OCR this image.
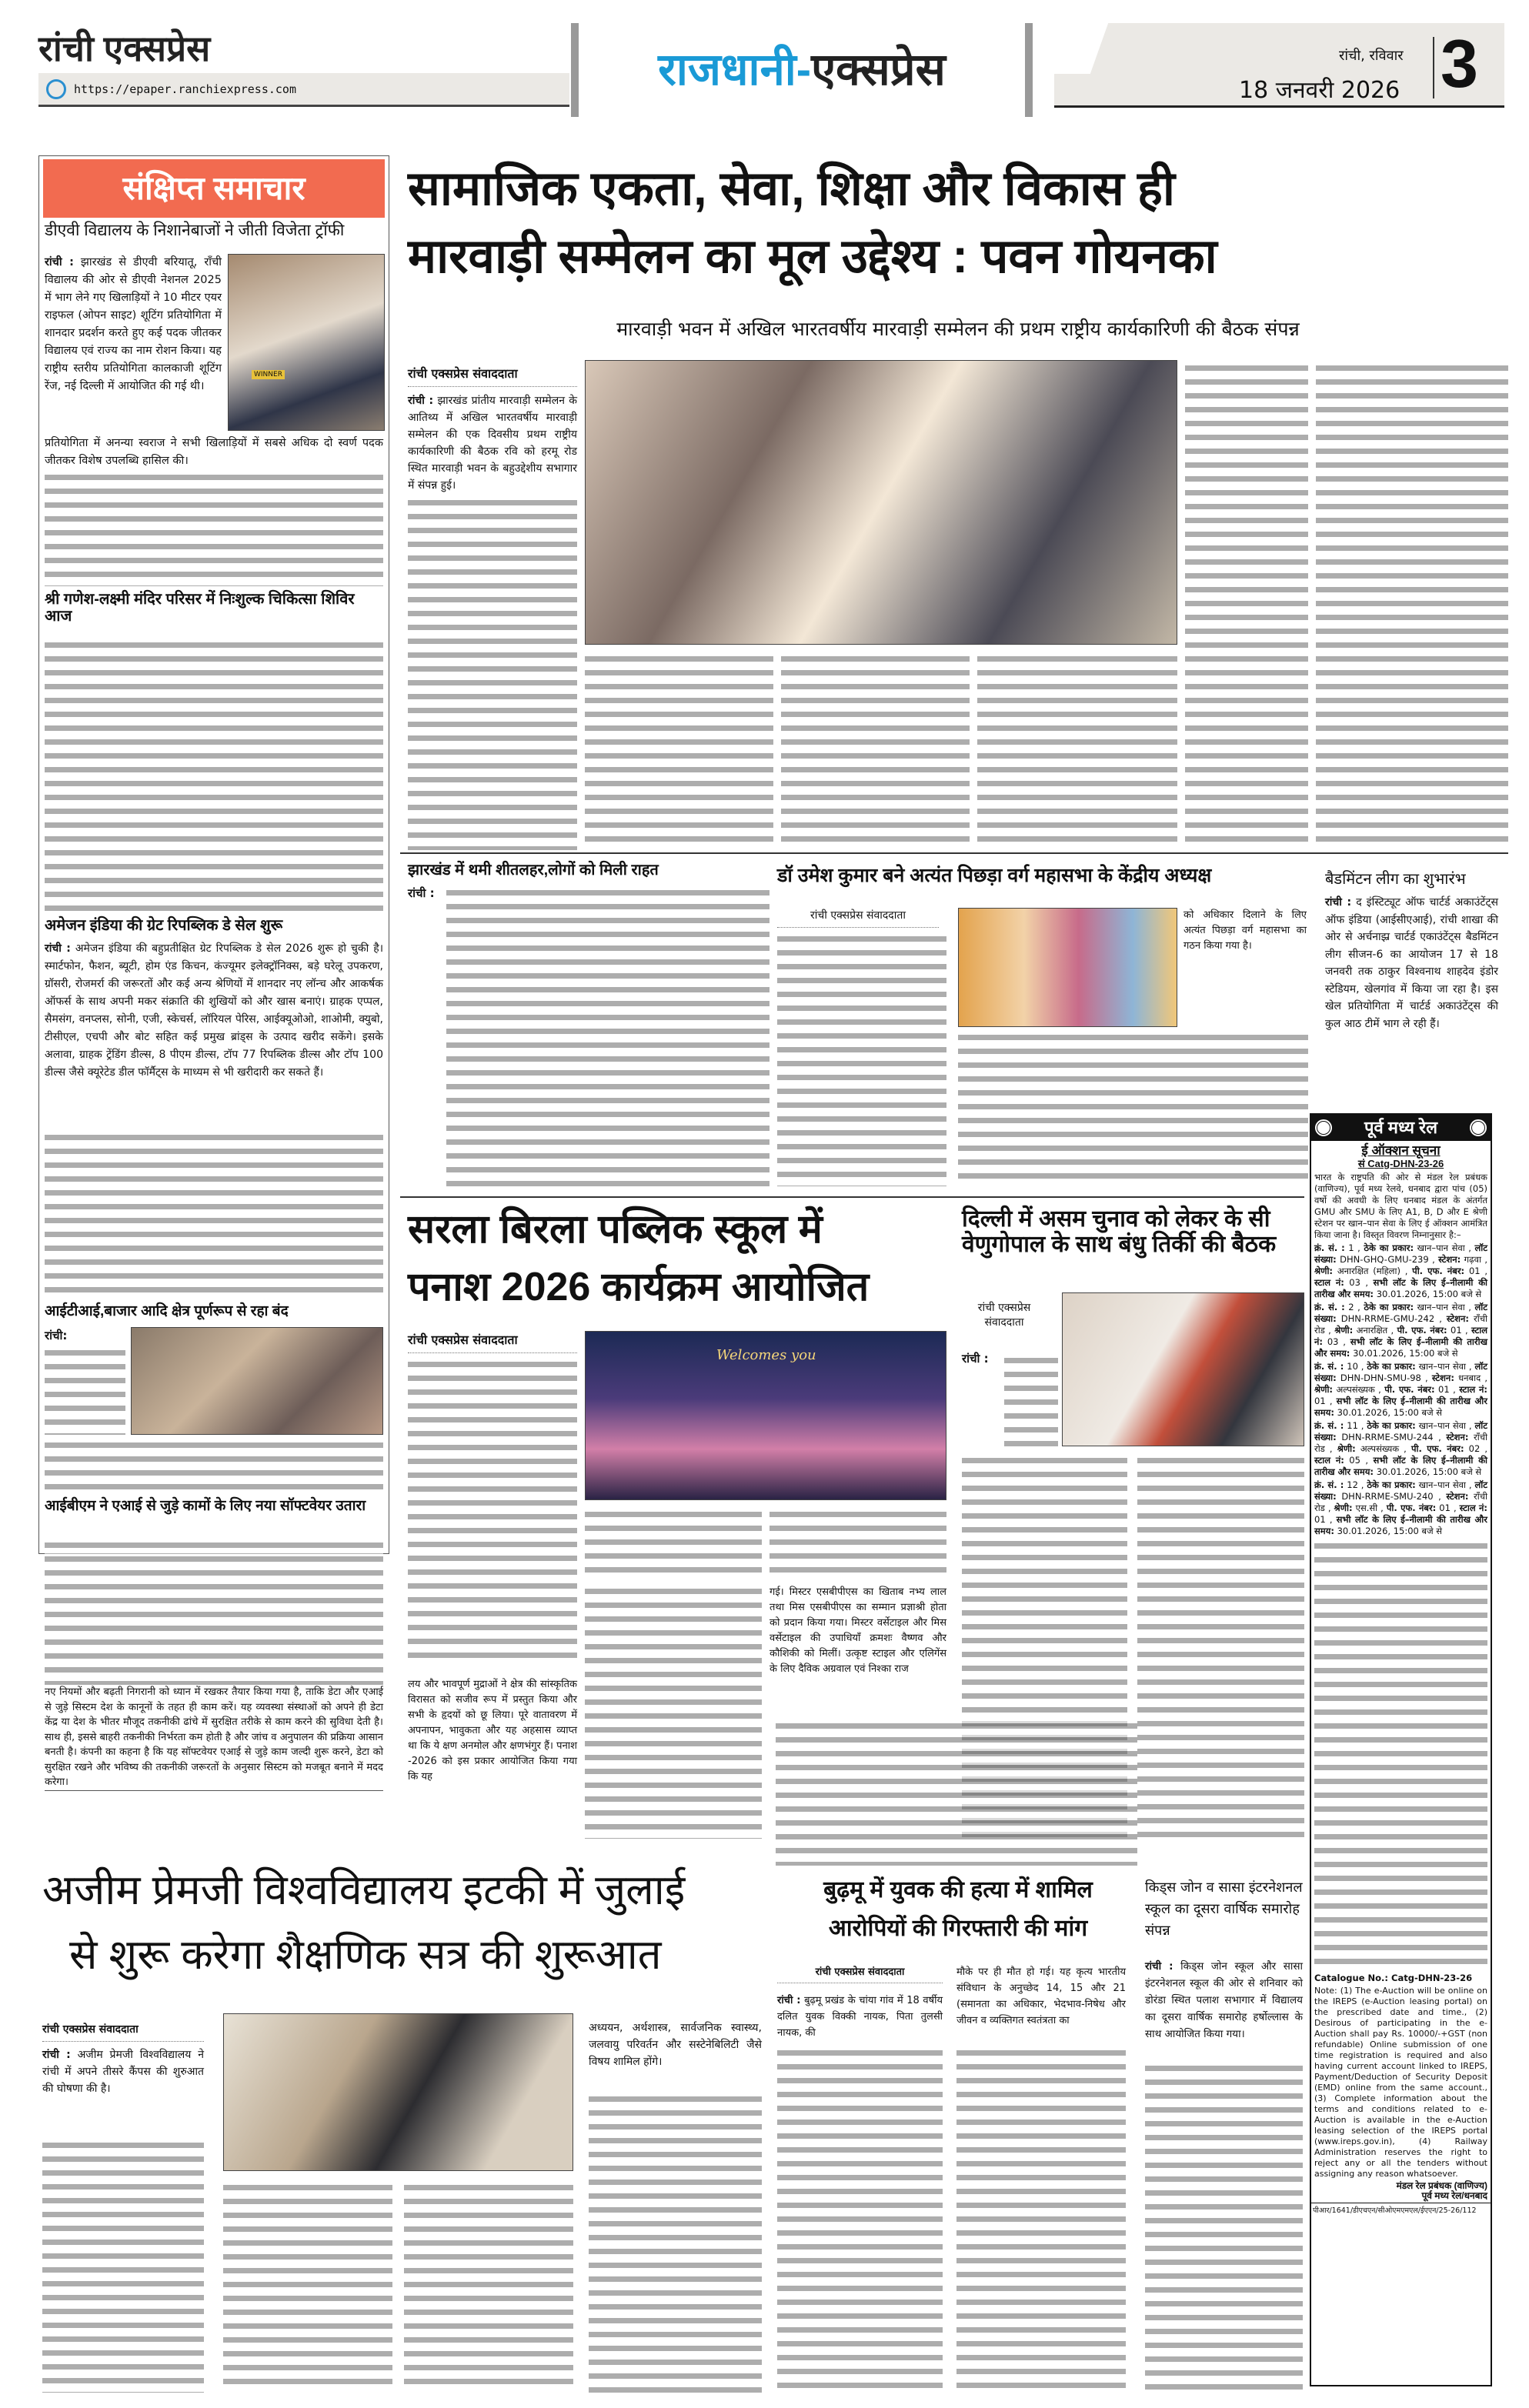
रांची एक्सप्रेस
https://epaper.ranchiexpress.com	राजधानी- एक्सप्रेस	रांची, रविवार
18 जनवरी 2026 3
संक्षिप्त समाचार
डीएवी विद्यालय के निशानेबाजों ने जीती विजेता ट्रॉफी
रांची : झारखंड से डीएवी बरियातू, राँची विद्यालय की ओर से डीएवी नेशनल 2025 में भाग लेने गए खिलाड़ियों ने 10 मीटर एयर राइफल (ओपन साइट) शूटिंग प्रतियोगिता में शानदार प्रदर्शन करते हुए कई पदक जीतकर विद्यालय एवं राज्य का नाम रोशन किया। यह राष्ट्रीय स्तरीय प्रतियोगिता कालकाजी शूटिंग रेंज, नई दिल्ली में आयोजित की गई थी।
WINNER
प्रतियोगिता में अनन्या स्वराज ने सभी खिलाड़ियों में सबसे अधिक दो स्वर्ण पदक जीतकर विशेष उपलब्धि हासिल की।
श्री गणेश-लक्ष्मी मंदिर परिसर में निःशुल्क चिकित्सा शिविर आज
अमेजन इंडिया की ग्रेट रिपब्लिक डे सेल शुरू
रांची : अमेजन इंडिया की बहुप्रतीक्षित ग्रेट रिपब्लिक डे सेल 2026 शुरू हो चुकी है। स्मार्टफोन, फैशन, ब्यूटी, होम एंड किचन, कंज्यूमर इलेक्ट्रॉनिक्स, बड़े घरेलू उपकरण, ग्रॉसरी, रोजमर्रा की जरूरतों और कई अन्य श्रेणियों में शानदार नए लॉन्च और आकर्षक ऑफर्स के साथ अपनी मकर संक्राति की शुखियों को और खास बनाएं। ग्राहक एप्पल, सैमसंग, वनप्लस, सोनी, एजी, स्केचर्स, लॉरियल पेरिस, आईक्यूओओ, शाओमी, क्युबो, टीसीएल, एचपी और बोट सहित कई प्रमुख ब्रांड्स के उत्पाद खरीद सकेंगे। इसके अलावा, ग्राहक ट्रेंडिंग डील्स, 8 पीएम डील्स, टॉप 77 रिपब्लिक डील्स और टॉप 100 डील्स जैसे क्यूरेटेड डील फॉर्मैट्स के माध्यम से भी खरीदारी कर सकते हैं।
आईटीआई,बाजार आदि क्षेत्र पूर्णरूप से रहा बंद
रांची:
आईबीएम ने एआई से जुड़े कामों के लिए नया सॉफ्टवेयर उतारा
नए नियमों और बढ़ती निगरानी को ध्यान में रखकर तैयार किया गया है, ताकि डेटा और एआई से जुड़े सिस्टम देश के कानूनों के तहत ही काम करें। यह व्यवस्था संस्थाओं को अपने ही डेटा केंद्र या देश के भीतर मौजूद तकनीकी ढांचे में सुरक्षित तरीके से काम करने की सुविधा देती है। साथ ही, इससे बाहरी तकनीकी निर्भरता कम होती है और जांच व अनुपालन की प्रक्रिया आसान बनती है। कंपनी का कहना है कि यह सॉफ्टवेयर एआई से जुड़े काम जल्दी शुरू करने, डेटा को सुरक्षित रखने और भविष्य की तकनीकी जरूरतों के अनुसार सिस्टम को मजबूत बनाने में मदद करेगा।
सामाजिक एकता, सेवा, शिक्षा और विकास ही
मारवाड़ी सम्मेलन का मूल उद्देश्य : पवन गोयनका
मारवाड़ी भवन में अखिल भारतवर्षीय मारवाड़ी सम्मेलन की प्रथम राष्ट्रीय कार्यकारिणी की बैठक संपन्न
रांची एक्सप्रेस संवाददाता
रांची : झारखंड प्रांतीय मारवाड़ी सम्मेलन के आतिथ्य में अखिल भारतवर्षीय मारवाड़ी सम्मेलन की एक दिवसीय प्रथम राष्ट्रीय कार्यकारिणी की बैठक रवि को हरमू रोड स्थित मारवाड़ी भवन के बहुउद्देशीय सभागार में संपन्न हुई।
झारखंड में थमी शीतलहर,लोगों को मिली राहत
रांची :
डॉ उमेश कुमार बने अत्यंत पिछड़ा वर्ग महासभा के केंद्रीय अध्यक्ष
रांची एक्सप्रेस संवाददाता	को अधिकार दिलाने के लिए अत्यंत पिछड़ा वर्ग महासभा का गठन किया गया है।
बैडमिंटन लीग का शुभारंभ
रांची : द इंस्टिट्यूट ऑफ चार्टर्ड अकाउंटेंट्स ऑफ इंडिया (आईसीएआई), रांची शाखा की ओर से अर्चनाझ्र चार्टर्ड एकाउंटेंट्स बैडमिंटन लीग सीजन-6 का आयोजन 17 से 18 जनवरी तक ठाकुर विश्वनाथ शाहदेव इंडोर स्टेडियम, खेलगांव में किया जा रहा है। इस खेल प्रतियोगिता में चार्टर्ड अकाउंटेंट्स की कुल आठ टीमें भाग ले रही हैं।
सरला बिरला पब्लिक स्कूल में
पनाश 2026 कार्यक्रम आयोजित
रांची एक्सप्रेस संवाददाता
Welcomes you
लय और भावपूर्ण मुद्राओं ने क्षेत्र की सांस्कृतिक विरासत को सजीव रूप में प्रस्तुत किया और सभी के हृदयों को छू लिया। पूरे वातावरण में अपनापन, भावुकता और यह अहसास व्याप्त था कि ये क्षण अनमोल और क्षणभंगुर हैं। पनाश -2026 को इस प्रकार आयोजित किया गया कि यह
गई। मिस्टर एसबीपीएस का खिताब नभ्य लाल तथा मिस एसबीपीएस का सम्मान प्रज्ञाश्री होता को प्रदान किया गया। मिस्टर वर्सेटाइल और मिस वर्सेटाइल की उपाधियाँ क्रमशः वैष्णव और कौशिकी को मिलीं। उत्कृष्ट स्टाइल और एलिगेंस के लिए दैविक अग्रवाल एवं निश्का राज
दिल्ली में असम चुनाव को लेकर के सी वेणुगोपाल के साथ बंधु तिर्की की बैठक
रांची एक्सप्रेस संवाददाता
रांची :
पूर्व मध्य रेल
ई ऑक्शन सूचना
सं Catg-DHN-23-26
भारत के राष्ट्रपति की ओर से मंडल रेल प्रबंधक (वाणिज्य), पूर्व मध्य रेलवे, धनबाद द्वारा पांच (05) वर्षो की अवधी के लिए धनबाद मंडल के अंतर्गत GMU और SMU के लिए A1, B, D और E श्रेणी स्टेशन पर खान–पान सेवा के लिए ई ऑक्शन आमंत्रित किया जाना है। विस्तृत विवरण निम्नानुसार है:–
क्रं. सं. : 1 , ठेके का प्रकार: खान–पान सेवा , लॉट संख्या: DHN-GHQ-GMU-239 , स्टेशन: गढ़वा , श्रेणी: अनारक्षित (महिला) , पी. एफ. नंबर: 01 , स्टाल नं: 03 , सभी लॉट के लिए ई–नीलामी की तारीख और समय: 30.01.2026, 15:00 बजे से
क्रं. सं. : 2 , ठेके का प्रकार: खान–पान सेवा , लॉट संख्या: DHN-RRME-GMU-242 , स्टेशन: राँची रोड , श्रेणी: अनारक्षित , पी. एफ. नंबर: 01 , स्टाल नं: 03 , सभी लॉट के लिए ई–नीलामी की तारीख और समय: 30.01.2026, 15:00 बजे से
क्रं. सं. : 10 , ठेके का प्रकार: खान–पान सेवा , लॉट संख्या: DHN-DHN-SMU-98 , स्टेशन: धनबाद , श्रेणी: अल्पसंख्यक , पी. एफ. नंबर: 01 , स्टाल नं: 01 , सभी लॉट के लिए ई–नीलामी की तारीख और समय: 30.01.2026, 15:00 बजे से
क्रं. सं. : 11 , ठेके का प्रकार: खान–पान सेवा , लॉट संख्या: DHN-RRME-SMU-244 , स्टेशन: राँची रोड , श्रेणी: अल्पसंख्यक , पी. एफ. नंबर: 02 , स्टाल नं: 05 , सभी लॉट के लिए ई–नीलामी की तारीख और समय: 30.01.2026, 15:00 बजे से
क्रं. सं. : 12 , ठेके का प्रकार: खान–पान सेवा , लॉट संख्या: DHN-RRME-SMU-240 , स्टेशन: राँची रोड , श्रेणी: एस.सी , पी. एफ. नंबर: 01 , स्टाल नं: 01 , सभी लॉट के लिए ई–नीलामी की तारीख और समय: 30.01.2026, 15:00 बजे से
Catalogue No.: Catg-DHN-23-26
Note: (1) The e-Auction will be online on the IREPS (e-Auction leasing portal) on the prescribed date and time., (2) Desirous of participating in the e-Auction shall pay Rs. 10000/-+GST (non refundable) Online submission of one time registration is required and also having current account linked to IREPS, Payment/Deduction of Security Deposit (EMD) online from the same account., (3) Complete information about the terms and conditions related to e-Auction is available in the e-Auction leasing selection of the IREPS portal (www.ireps.gov.in), (4) Railway Administration reserves the right to reject any or all the tenders without assigning any reason whatsoever.
मंडल रेल प्रबंधक (वाणिज्य)
पूर्व मध्य रेल/धनबाद
पीआर/1641/डीएचएन/सीओएमएमएल/ईएएन/25-26/112
अजीम प्रेमजी विश्वविद्यालय इटकी में जुलाई
से शुरू करेगा शैक्षणिक सत्र की शुरूआत
रांची एक्सप्रेस संवाददाता
रांची : अजीम प्रेमजी विश्वविद्यालय ने रांची में अपने तीसरे कैंपस की शुरुआत की घोषणा की है।
अध्ययन, अर्थशास्त्र, सार्वजनिक स्वास्थ्य, जलवायु परिवर्तन और सस्टेनेबिलिटी जैसे विषय शामिल होंगे।
बुढ़मू में युवक की हत्या में शामिल
आरोपियों की गिरफ्तारी की मांग
रांची एक्सप्रेस संवाददाता
रांची : बुढ़मू प्रखंड के चांया गांव में 18 वर्षीय दलित युवक विक्की नायक, पिता तुलसी नायक, की
मौके पर ही मौत हो गई। यह कृत्य भारतीय संविधान के अनुच्छेद 14, 15 और 21 (समानता का अधिकार, भेदभाव-निषेध और जीवन व व्यक्तिगत स्वतंत्रता का
किड्स जोन व सासा इंटरनेशनल स्कूल का दूसरा वार्षिक समारोह संपन्न
रांची : किड्स जोन स्कूल और सासा इंटरनेशनल स्कूल की ओर से शनिवार को डोरंडा स्थित पलाश सभागार में विद्यालय का दूसरा वार्षिक समारोह हर्षोल्लास के साथ आयोजित किया गया।
